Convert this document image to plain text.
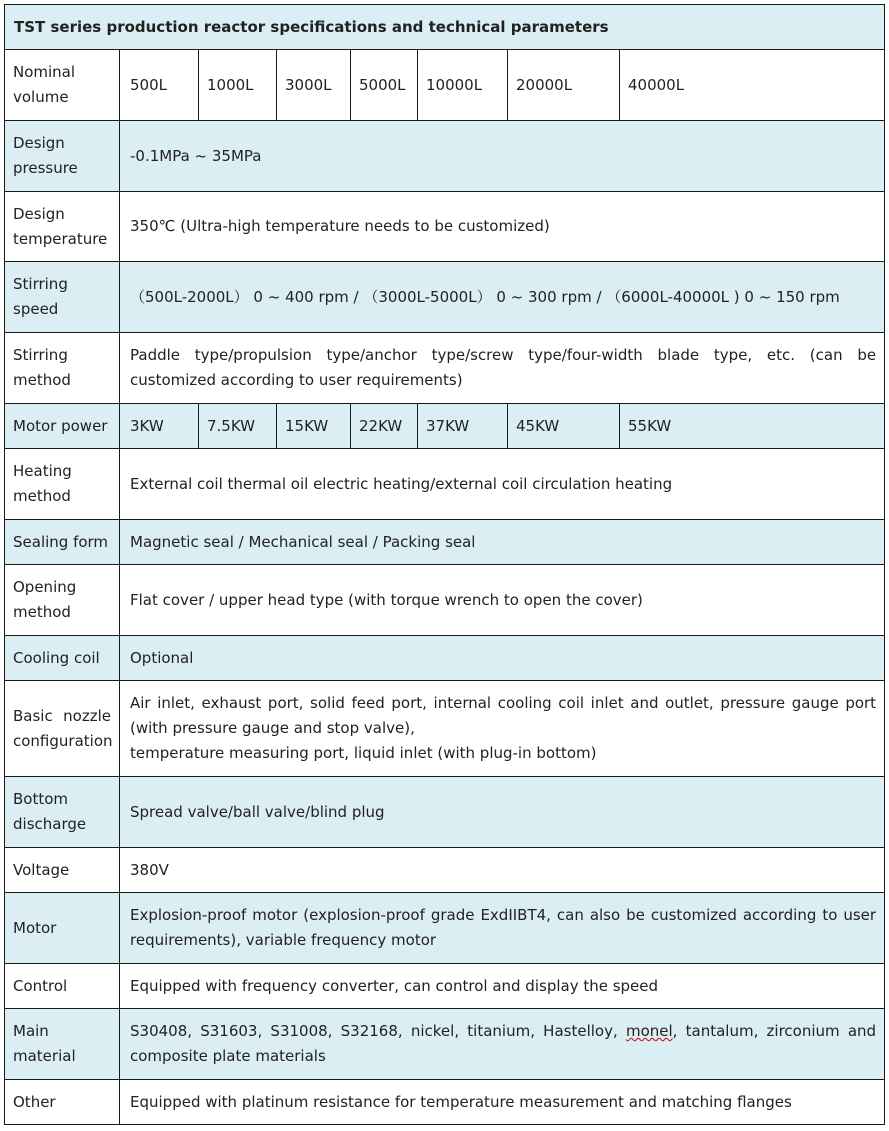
TST series production reactor specifications and technical parameters							
Nominal volume	500L	1000L	3000L	5000L	10000L	20000L	40000L
Design pressure	-0.1MPa ~ 35MPa						
Design temperature	350℃ (Ultra-high temperature needs to be customized)						
Stirring speed	（500L-2000L） 0 ~ 400 rpm / （3000L-5000L） 0 ~ 300 rpm / （6000L-40000L ) 0 ~ 150 rpm						
Stirring method	Paddle type/propulsion type/anchor type/screw type/four-width blade type, etc. (can be customized according to user requirements)						
Motor power	3KW	7.5KW	15KW	22KW	37KW	45KW	55KW
Heating method	External coil thermal oil electric heating/external coil circulation heating						
Sealing form	Magnetic seal / Mechanical seal / Packing seal						
Opening method	Flat cover / upper head type (with torque wrench to open the cover)						
Cooling coil	Optional						
Basic nozzle configuration	Air inlet, exhaust port, solid feed port, internal cooling coil inlet and outlet, pressure gauge port (with pressure gauge and stop valve),
temperature measuring port, liquid inlet (with plug-in bottom)						

Bottom discharge	Spread valve/ball valve/blind plug						
Voltage	380V						
Motor	Explosion-proof motor (explosion-proof grade ExdIIBT4, can also be customized according to user requirements), variable frequency motor						
Control	Equipped with frequency converter, can control and display the speed						
Main material	S30408, S31603, S31008, S32168, nickel, titanium, Hastelloy, monel, tantalum, zirconium and composite plate materials						
Other	Equipped with platinum resistance for temperature measurement and matching flanges						
